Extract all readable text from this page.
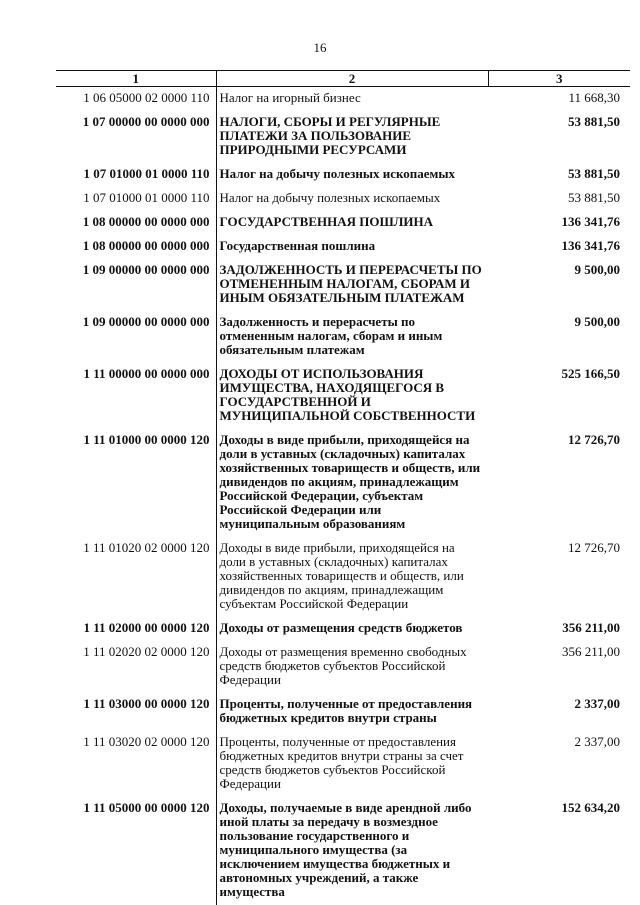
16
1	2	3
1 06 05000 02 0000 110	Налог на игорный бизнес	11 668,30
1 07 00000 00 0000 000	НАЛОГИ, СБОРЫ И РЕГУЛЯРНЫЕ ПЛАТЕЖИ ЗА ПОЛЬЗОВАНИЕ ПРИРОДНЫМИ РЕСУРСАМИ	53 881,50
1 07 01000 01 0000 110	Налог на добычу полезных ископаемых	53 881,50
1 07 01000 01 0000 110	Налог на добычу полезных ископаемых	53 881,50
1 08 00000 00 0000 000	ГОСУДАРСТВЕННАЯ ПОШЛИНА	136 341,76
1 08 00000 00 0000 000	Государственная пошлина	136 341,76
1 09 00000 00 0000 000	ЗАДОЛЖЕННОСТЬ И ПЕРЕРАСЧЕТЫ ПО ОТМЕНЕННЫМ НАЛОГАМ, СБОРАМ И ИНЫМ ОБЯЗАТЕЛЬНЫМ ПЛАТЕЖАМ	9 500,00
1 09 00000 00 0000 000	Задолженность и перерасчеты по отмененным налогам, сборам и иным обязательным платежам	9 500,00
1 11 00000 00 0000 000	ДОХОДЫ ОТ ИСПОЛЬЗОВАНИЯ ИМУЩЕСТВА, НАХОДЯЩЕГОСЯ В ГОСУДАРСТВЕННОЙ И МУНИЦИПАЛЬНОЙ СОБСТВЕННОСТИ	525 166,50
1 11 01000 00 0000 120	Доходы в виде прибыли, приходящейся на доли в уставных (складочных) капиталах хозяйственных товариществ и обществ, или дивидендов по акциям, принадлежащим Российской Федерации, субъектам Российской Федерации или муниципальным образованиям	12 726,70
1 11 01020 02 0000 120	Доходы в виде прибыли, приходящейся на доли в уставных (складочных) капиталах хозяйственных товариществ и обществ, или дивидендов по акциям, принадлежащим субъектам Российской Федерации	12 726,70
1 11 02000 00 0000 120	Доходы от размещения средств бюджетов	356 211,00
1 11 02020 02 0000 120	Доходы от размещения временно свободных средств бюджетов субъектов Российской Федерации	356 211,00
1 11 03000 00 0000 120	Проценты, полученные от предоставления бюджетных кредитов внутри страны	2 337,00
1 11 03020 02 0000 120	Проценты, полученные от предоставления бюджетных кредитов внутри страны за счет средств бюджетов субъектов Российской Федерации	2 337,00
1 11 05000 00 0000 120	Доходы, получаемые в виде арендной либо иной платы за передачу в возмездное пользование государственного и муниципального имущества (за исключением имущества бюджетных и автономных учреждений, а также имущества	152 634,20
